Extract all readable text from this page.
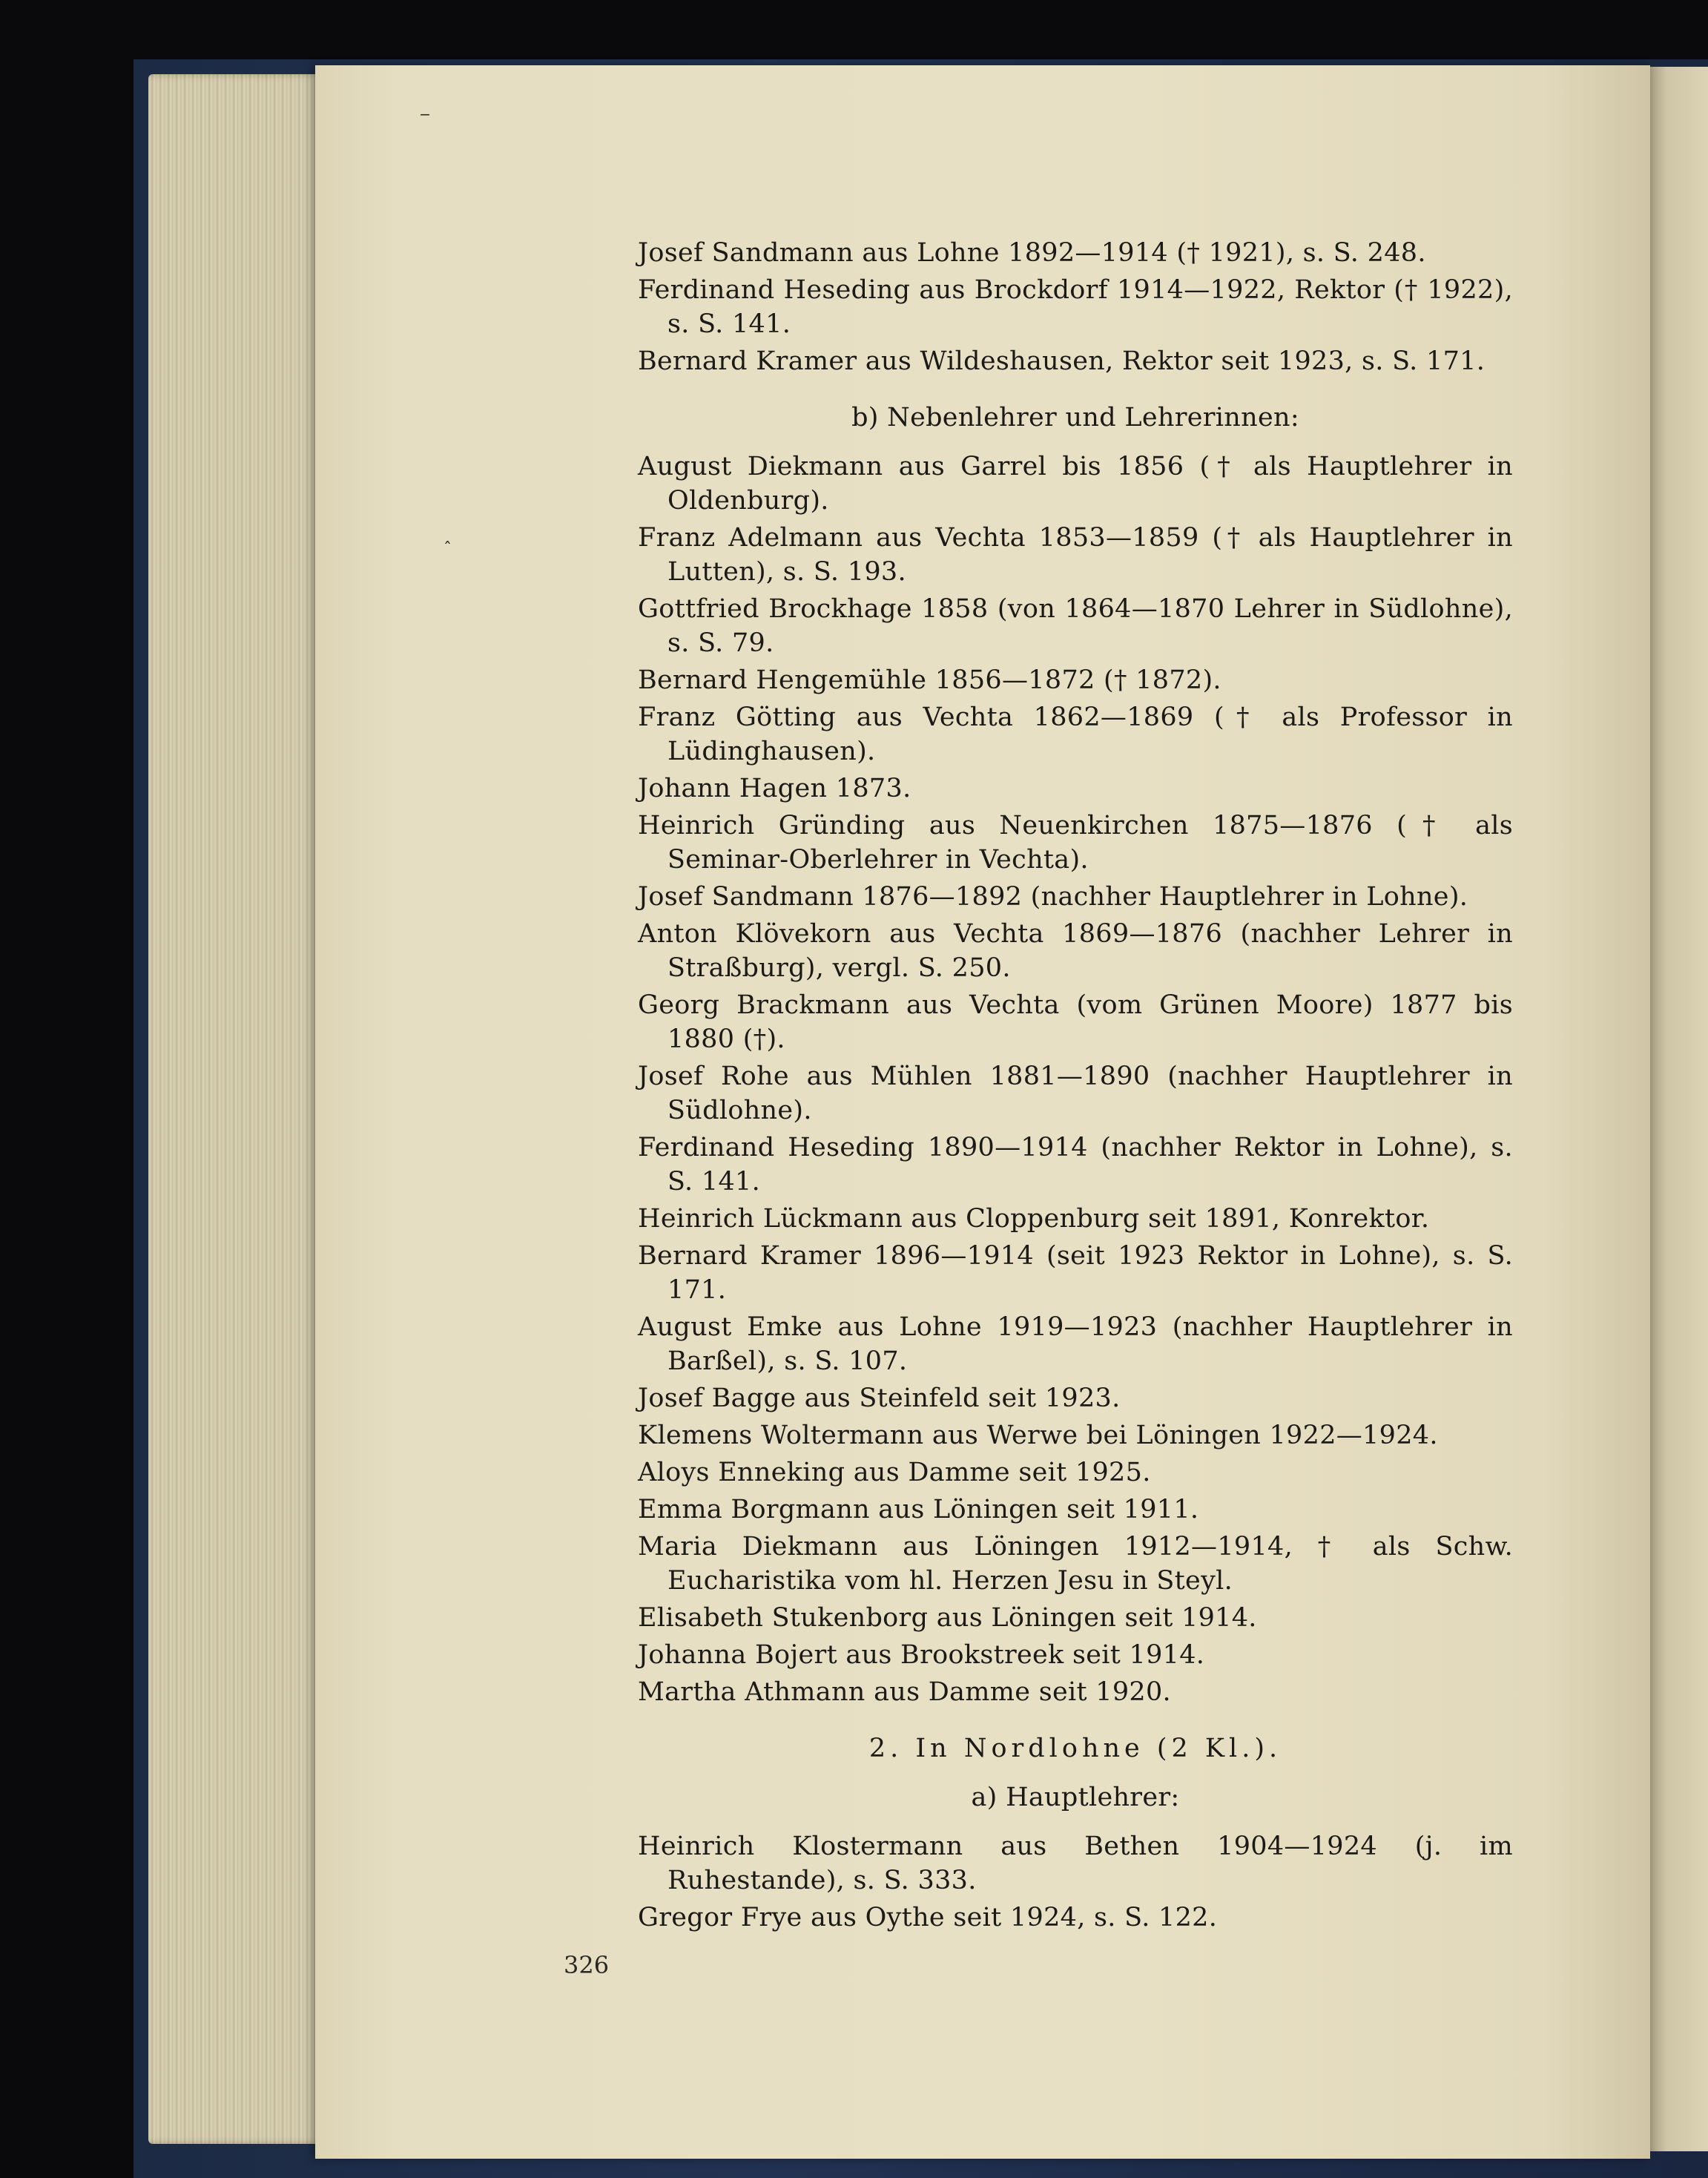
‒
ˆ

Josef Sandmann aus Lohne 1892—1914 († 1921), s. S. 248.

Ferdinand Heseding aus Brockdorf 1914—1922, Rektor († 1922), s. S. 141.

Bernard Kramer aus Wildeshausen, Rektor seit 1923, s. S. 171.

b) Nebenlehrer und Lehrerinnen:

August Diekmann aus Garrel bis 1856 († als Hauptlehrer in Oldenburg).

Franz Adelmann aus Vechta 1853—1859 († als Hauptlehrer in Lutten), s. S. 193.

Gottfried Brockhage 1858 (von 1864—1870 Lehrer in Südlohne), s. S. 79.

Bernard Hengemühle 1856—1872 († 1872).

Franz Götting aus Vechta 1862—1869 († als Professor in Lüdinghausen).

Johann Hagen 1873.

Heinrich Gründing aus Neuenkirchen 1875—1876 († als Seminar-Oberlehrer in Vechta).

Josef Sandmann 1876—1892 (nachher Hauptlehrer in Lohne).

Anton Klövekorn aus Vechta 1869—1876 (nachher Lehrer in Straßburg), vergl. S. 250.

Georg Brackmann aus Vechta (vom Grünen Moore) 1877 bis 1880 (†).

Josef Rohe aus Mühlen 1881—1890 (nachher Hauptlehrer in Südlohne).

Ferdinand Heseding 1890—1914 (nachher Rektor in Lohne), s. S. 141.

Heinrich Lückmann aus Cloppenburg seit 1891, Konrektor.

Bernard Kramer 1896—1914 (seit 1923 Rektor in Lohne), s. S. 171.

August Emke aus Lohne 1919—1923 (nachher Hauptlehrer in Barßel), s. S. 107.

Josef Bagge aus Steinfeld seit 1923.

Klemens Woltermann aus Werwe bei Löningen 1922—1924.

Aloys Enneking aus Damme seit 1925.

Emma Borgmann aus Löningen seit 1911.

Maria Diekmann aus Löningen 1912—1914, † als Schw. Eucharistika vom hl. Herzen Jesu in Steyl.

Elisabeth Stukenborg aus Löningen seit 1914.

Johanna Bojert aus Brookstreek seit 1914.

Martha Athmann aus Damme seit 1920.

2. In Nordlohne (2 Kl.).

a) Hauptlehrer:

Heinrich Klostermann aus Bethen 1904—1924 (j. im Ruhestande), s. S. 333.

Gregor Frye aus Oythe seit 1924, s. S. 122.

326
